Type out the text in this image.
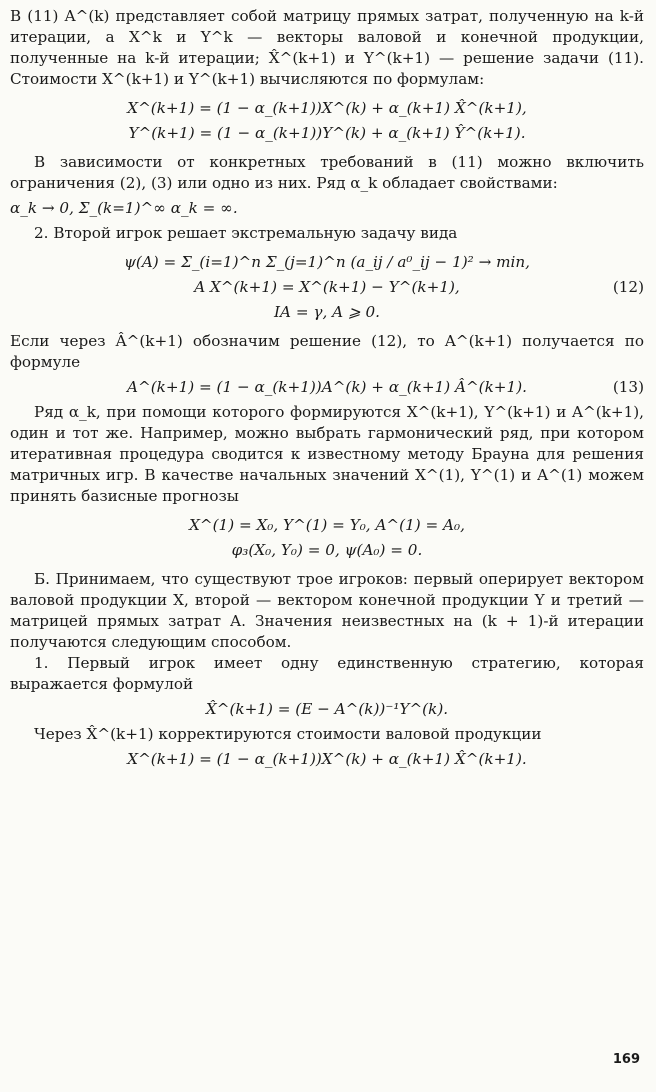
В (11) A^(k) представляет собой матрицу прямых затрат, полученную на k-й итерации, а X^k и Y^k — векторы валовой и конечной продукции, полученные на k-й итерации; X̂^(k+1) и Y^(k+1) — решение задачи (11). Стоимости X^(k+1) и Y^(k+1) вычисляются по формулам:

X^(k+1) = (1 − α_(k+1))X^(k) + α_(k+1) X̂^(k+1),
Y^(k+1) = (1 − α_(k+1))Y^(k) + α_(k+1) Ŷ^(k+1).

В зависимости от конкретных требований в (11) можно включить ограничения (2), (3) или одно из них. Ряд α_k обладает свойствами:

α_k → 0, Σ_(k=1)^∞ α_k = ∞.

2. Второй игрок решает экстремальную задачу вида

ψ(A) = Σ_(i=1)^n Σ_(j=1)^n (a_ij / a⁰_ij − 1)² → min,
A X^(k+1) = X^(k+1) − Y^(k+1),	(12)
IA = γ, A ⩾ 0.

Если через Â^(k+1) обозначим решение (12), то A^(k+1) получается по формуле

A^(k+1) = (1 − α_(k+1))A^(k) + α_(k+1) Â^(k+1).	(13)

Ряд α_k, при помощи которого формируются X^(k+1), Y^(k+1) и A^(k+1), один и тот же. Например, можно выбрать гармонический ряд, при котором итеративная процедура сводится к известному методу Брауна для решения матричных игр. В качестве начальных значений X^(1), Y^(1) и A^(1) можем принять базисные прогнозы

X^(1) = X₀, Y^(1) = Y₀, A^(1) = A₀,
φ₃(X₀, Y₀) = 0, ψ(A₀) = 0.

Б. Принимаем, что существуют трое игроков: первый оперирует вектором валовой продукции X, второй — вектором конечной продукции Y и третий — матрицей прямых затрат A. Значения неизвестных на (k + 1)-й итерации получаются следующим способом.

1. Первый игрок имеет одну единственную стратегию, которая выражается формулой

X̂^(k+1) = (E − A^(k))⁻¹Y^(k).

Через X̂^(k+1) корректируются стоимости валовой продукции

X^(k+1) = (1 − α_(k+1))X^(k) + α_(k+1) X̂^(k+1).
169
